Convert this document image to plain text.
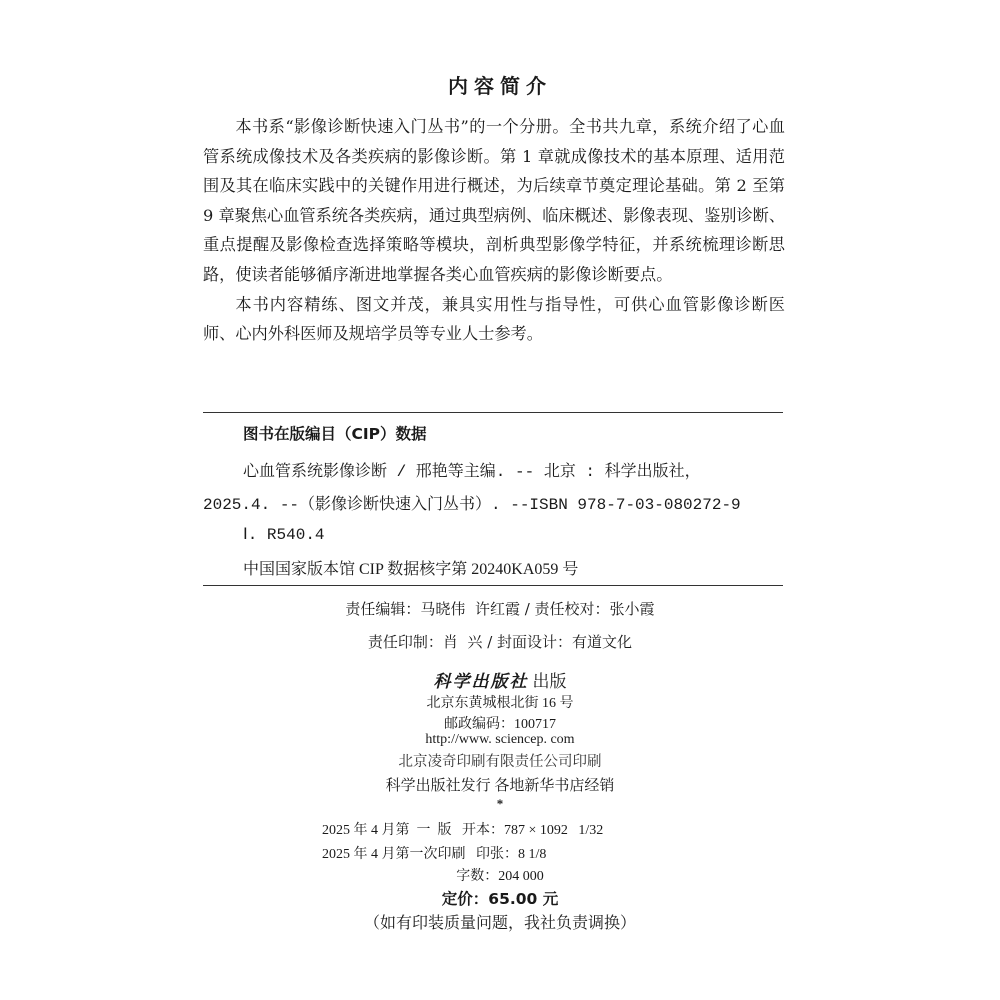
内容简介

本书系“影像诊断快速入门丛书”的一个分册。全书共九章，系统介绍了心血管系统成像技术及各类疾病的影像诊断。第 1 章就成像技术的基本原理、适用范围及其在临床实践中的关键作用进行概述，为后续章节奠定理论基础。第 2 至第 9 章聚焦心血管系统各类疾病，通过典型病例、临床概述、影像表现、鉴别诊断、重点提醒及影像检查选择策略等模块，剖析典型影像学特征，并系统梳理诊断思路，使读者能够循序渐进地掌握各类心血管疾病的影像诊断要点。

本书内容精练、图文并茂，兼具实用性与指导性，可供心血管影像诊断医师、心内外科医师及规培学员等专业人士参考。

图书在版编目（CIP）数据
心血管系统影像诊断 / 邢艳等主编. -- 北京 : 科学出版社，
2025.4. --（影像诊断快速入门丛书）. --ISBN 978-7-03-080272-9
Ⅰ. R540.4
中国国家版本馆 CIP 数据核字第 20240KA059 号
责任编辑：马晓伟  许红霞 / 责任校对：张小霞
责任印制：肖  兴 / 封面设计：有道文化
科学出版社 出版
北京东黄城根北街 16 号
邮政编码：100717
http://www. sciencep. com
北京凌奇印刷有限责任公司印刷
科学出版社发行 各地新华书店经销
*
2025 年 4 月第  一  版   开本：787 × 1092   1/32
2025 年 4 月第一次印刷   印张：8 1/8
字数：204 000
定价：65.00 元
（如有印装质量问题，我社负责调换）
